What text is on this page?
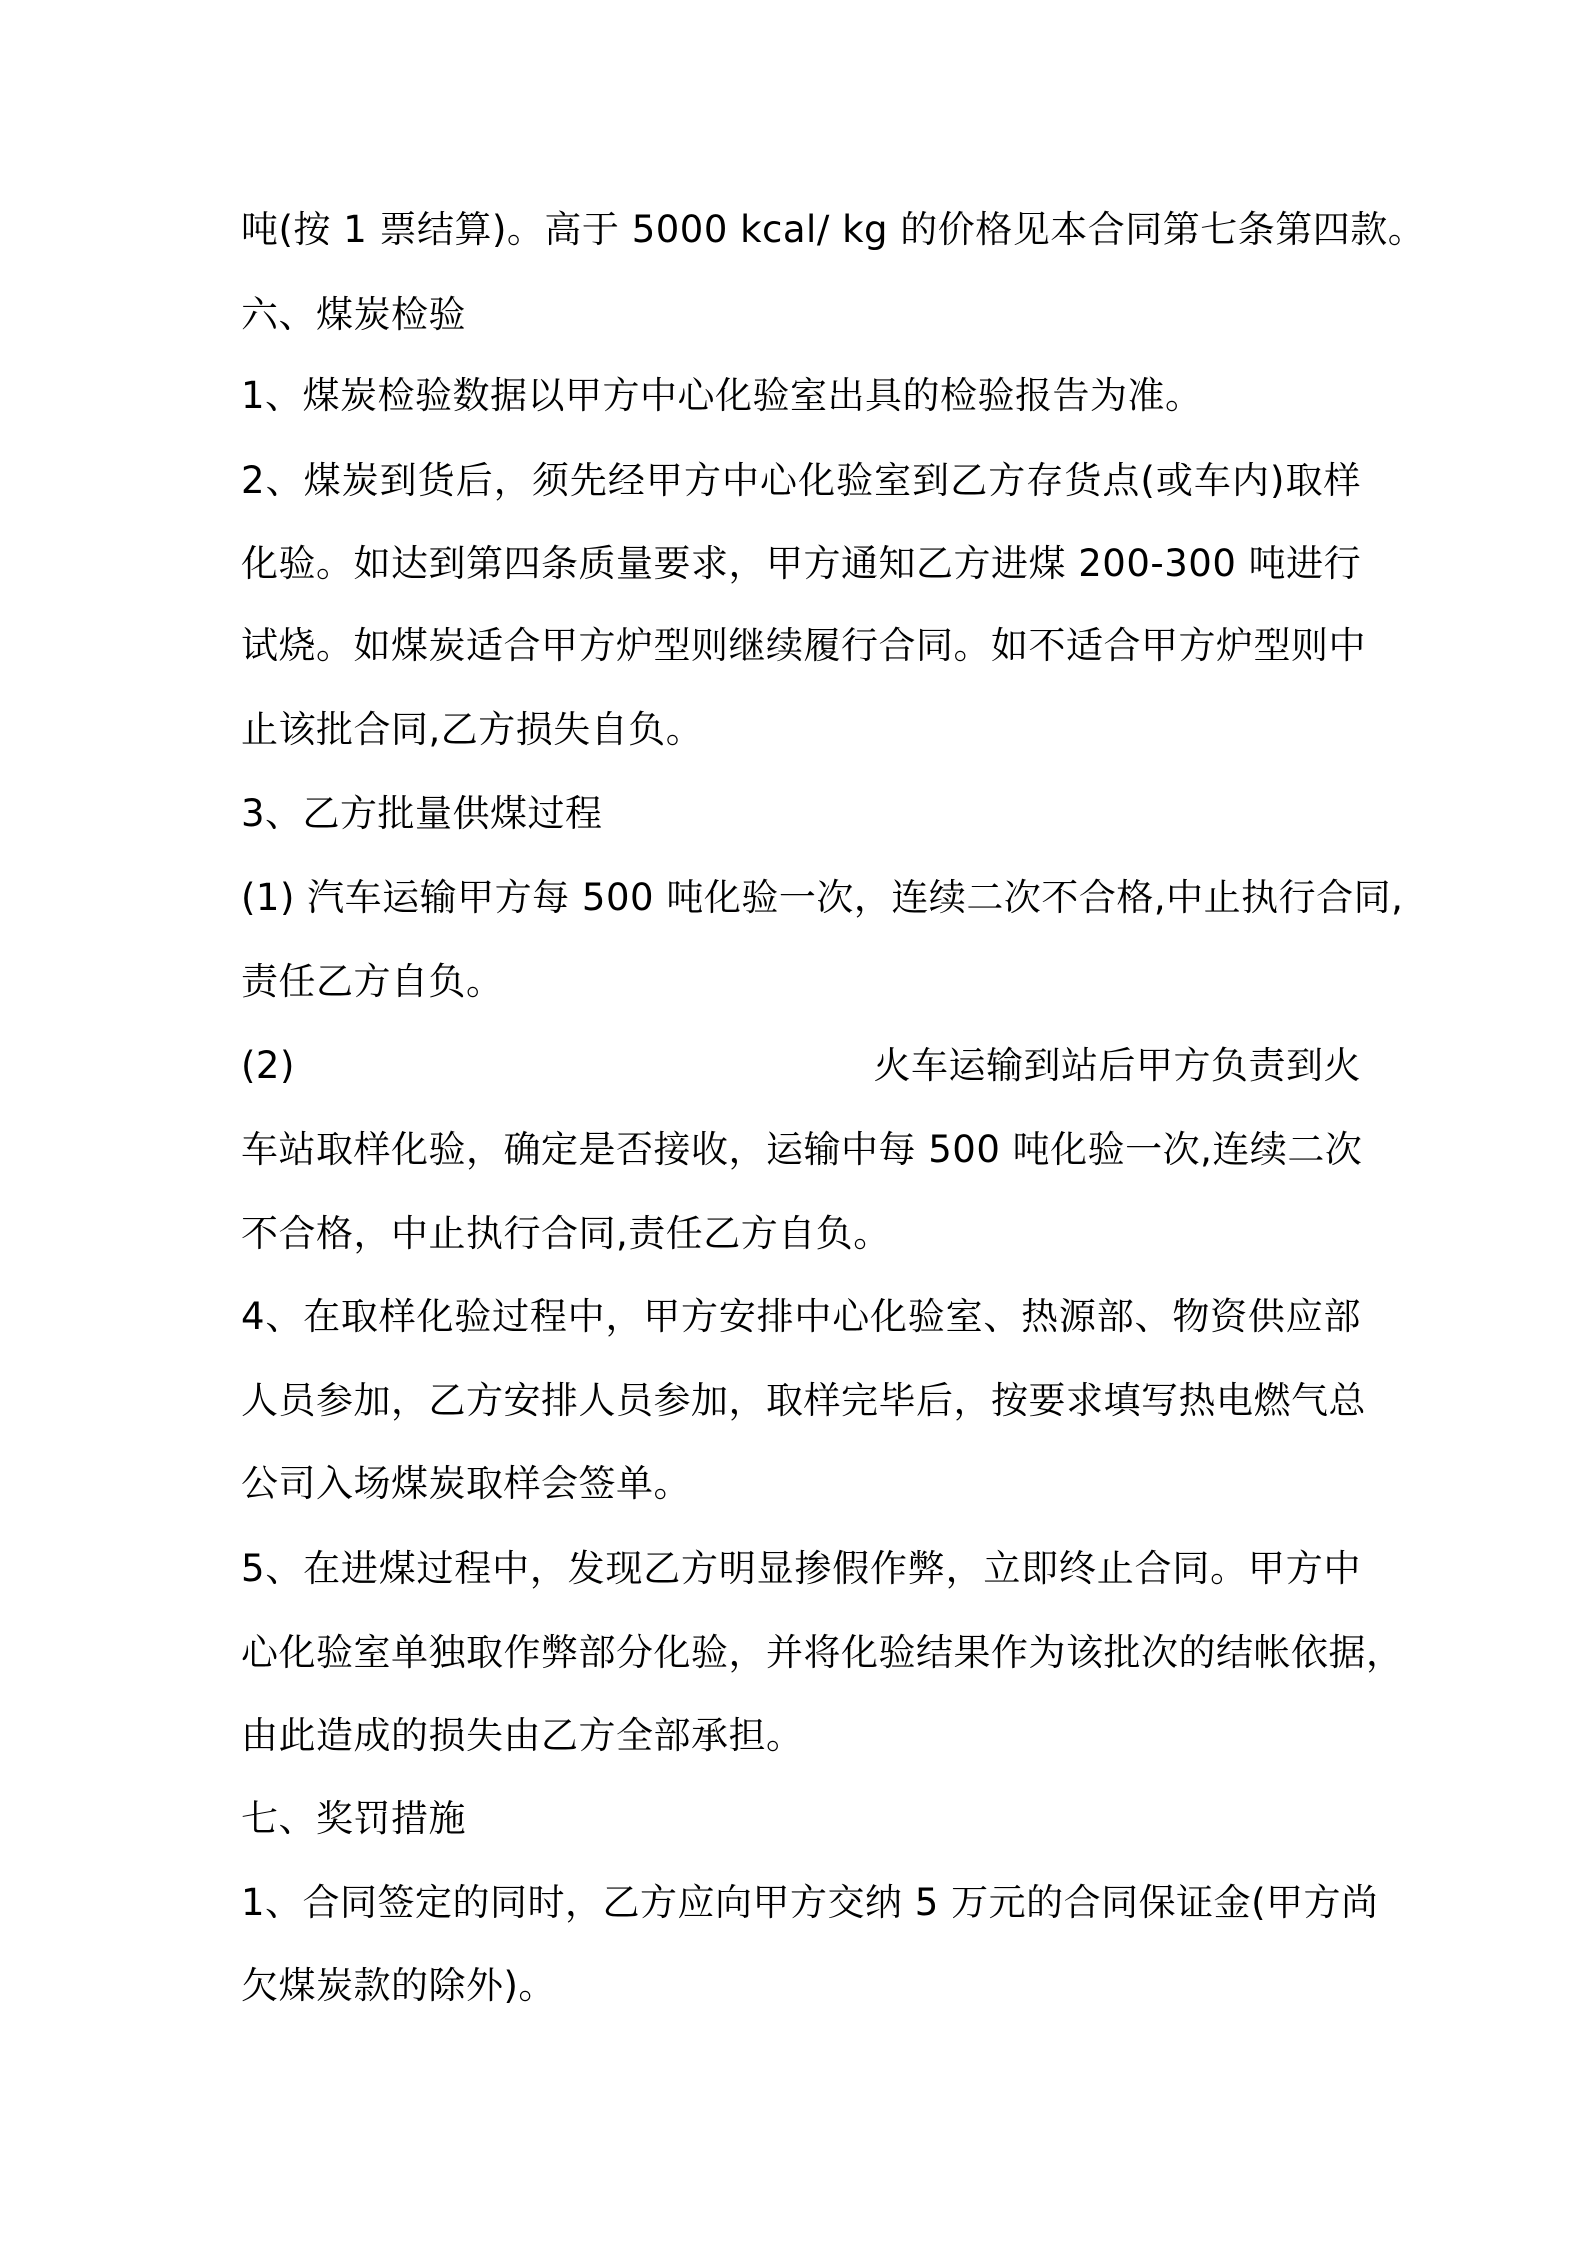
吨(按 1 票结算)。高于 5000 kcal/ kg 的价格见本合同第七条第四款。
六、煤炭检验
1、煤炭检验数据以甲方中心化验室出具的检验报告为准。
2、煤炭到货后，须先经甲方中心化验室到乙方存货点(或车内)取样
化验。如达到第四条质量要求，甲方通知乙方进煤 200-300 吨进行
试烧。如煤炭适合甲方炉型则继续履行合同。如不适合甲方炉型则中
止该批合同,乙方损失自负。
3、乙方批量供煤过程
(1) 汽车运输甲方每 500 吨化验一次，连续二次不合格,中止执行合同,
责任乙方自负。
(2)	火车运输到站后甲方负责到火
车站取样化验，确定是否接收，运输中每 500 吨化验一次,连续二次
不合格，中止执行合同,责任乙方自负。
4、在取样化验过程中，甲方安排中心化验室、热源部、物资供应部
人员参加，乙方安排人员参加，取样完毕后，按要求填写热电燃气总
公司入场煤炭取样会签单。
5、在进煤过程中，发现乙方明显掺假作弊，立即终止合同。甲方中
心化验室单独取作弊部分化验，并将化验结果作为该批次的结帐依据，
由此造成的损失由乙方全部承担。
七、奖罚措施
1、合同签定的同时，乙方应向甲方交纳 5 万元的合同保证金(甲方尚
欠煤炭款的除外)。
